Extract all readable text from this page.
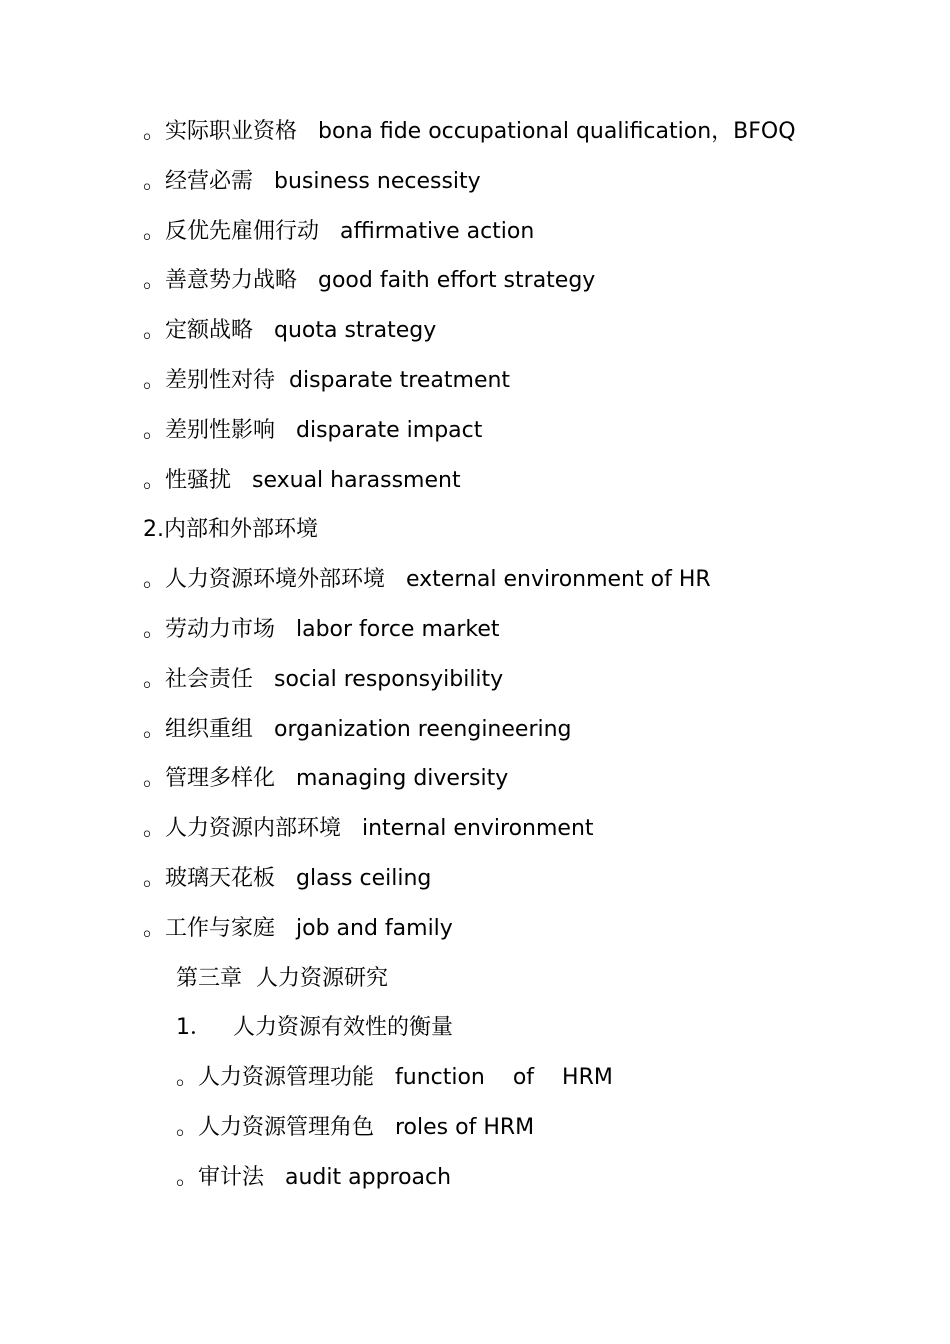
。实际职业资格 bona fide occupational qualification，BFOQ
。经营必需 business necessity
。反优先雇佣行动 affirmative action
。善意势力战略 good faith effort strategy
。定额战略 quota strategy
。差别性对待 disparate treatment
。差别性影响 disparate impact
。性骚扰 sexual harassment
2.内部和外部环境
。人力资源环境外部环境 external environment of HR
。劳动力市场 labor force market
。社会责任 social responsyibility
。组织重组 organization reengineering
。管理多样化 managing diversity
。人力资源内部环境 internal environment
。玻璃天花板 glass ceiling
。工作与家庭 job and family
第三章  人力资源研究
1．   人力资源有效性的衡量
。人力资源管理功能 function    of    HRM
。人力资源管理角色 roles of HRM
。审计法 audit approach
